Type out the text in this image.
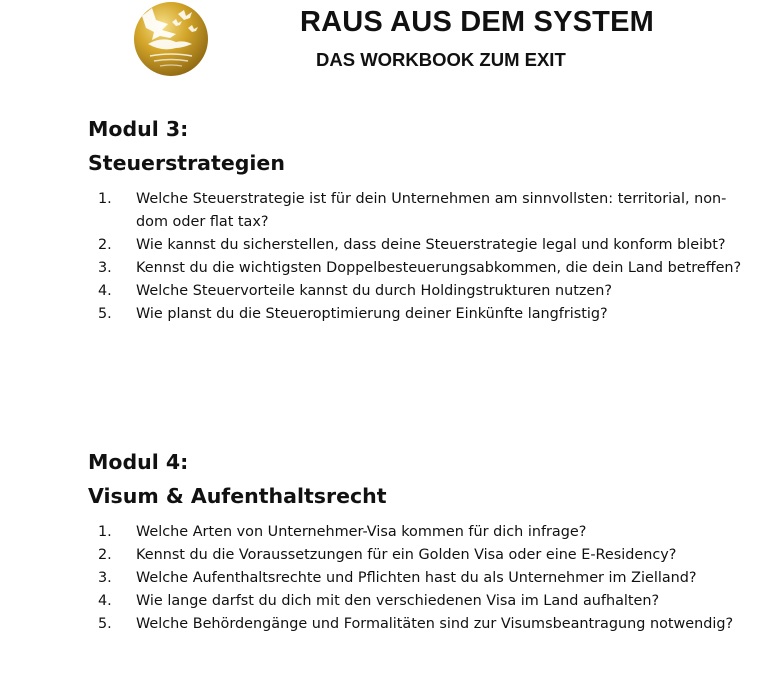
RAUS AUS DEM SYSTEM
DAS WORKBOOK ZUM EXIT
Modul 3:
Steuerstrategien
1. Welche Steuerstrategie ist für dein Unternehmen am sinnvollsten: territorial, non-dom oder flat tax?
2. Wie kannst du sicherstellen, dass deine Steuerstrategie legal und konform bleibt?
3. Kennst du die wichtigsten Doppelbesteuerungsabkommen, die dein Land betreffen?
4. Welche Steuervorteile kannst du durch Holdingstrukturen nutzen?
5. Wie planst du die Steueroptimierung deiner Einkünfte langfristig?
Modul 4:
Visum & Aufenthaltsrecht
1. Welche Arten von Unternehmer-Visa kommen für dich infrage?
2. Kennst du die Voraussetzungen für ein Golden Visa oder eine E-Residency?
3. Welche Aufenthaltsrechte und Pflichten hast du als Unternehmer im Zielland?
4. Wie lange darfst du dich mit den verschiedenen Visa im Land aufhalten?
5. Welche Behördengänge und Formalitäten sind zur Visumsbeantragung notwendig?
